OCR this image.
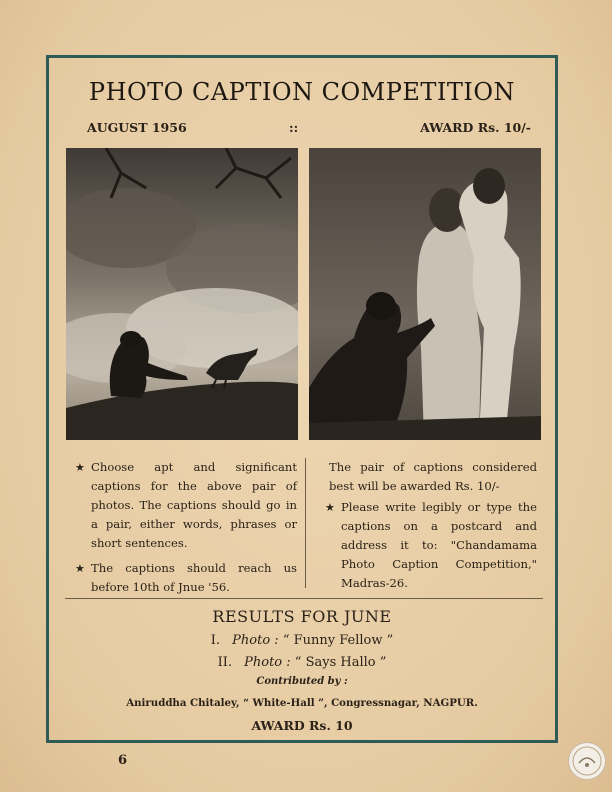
PHOTO CAPTION COMPETITION
AUGUST 1956	::	AWARD Rs. 10/-
★ Choose apt and significant captions for the above pair of photos. The captions should go in a pair, either words, phrases or short sentences.
★ The captions should reach us before 10th of Jnue '56.
The pair of captions considered best will be awarded Rs. 10/-
★ Please write legibly or type the captions on a postcard and address it to: "Chandamama Photo Caption Competition," Madras-26.
RESULTS FOR JUNE
I. Photo : “ Funny Fellow ”
II. Photo : “ Says Hallo ”
Contributed by :
Aniruddha Chitaley, “ White-Hall ”, Congressnagar, NAGPUR.
AWARD Rs. 10
6
